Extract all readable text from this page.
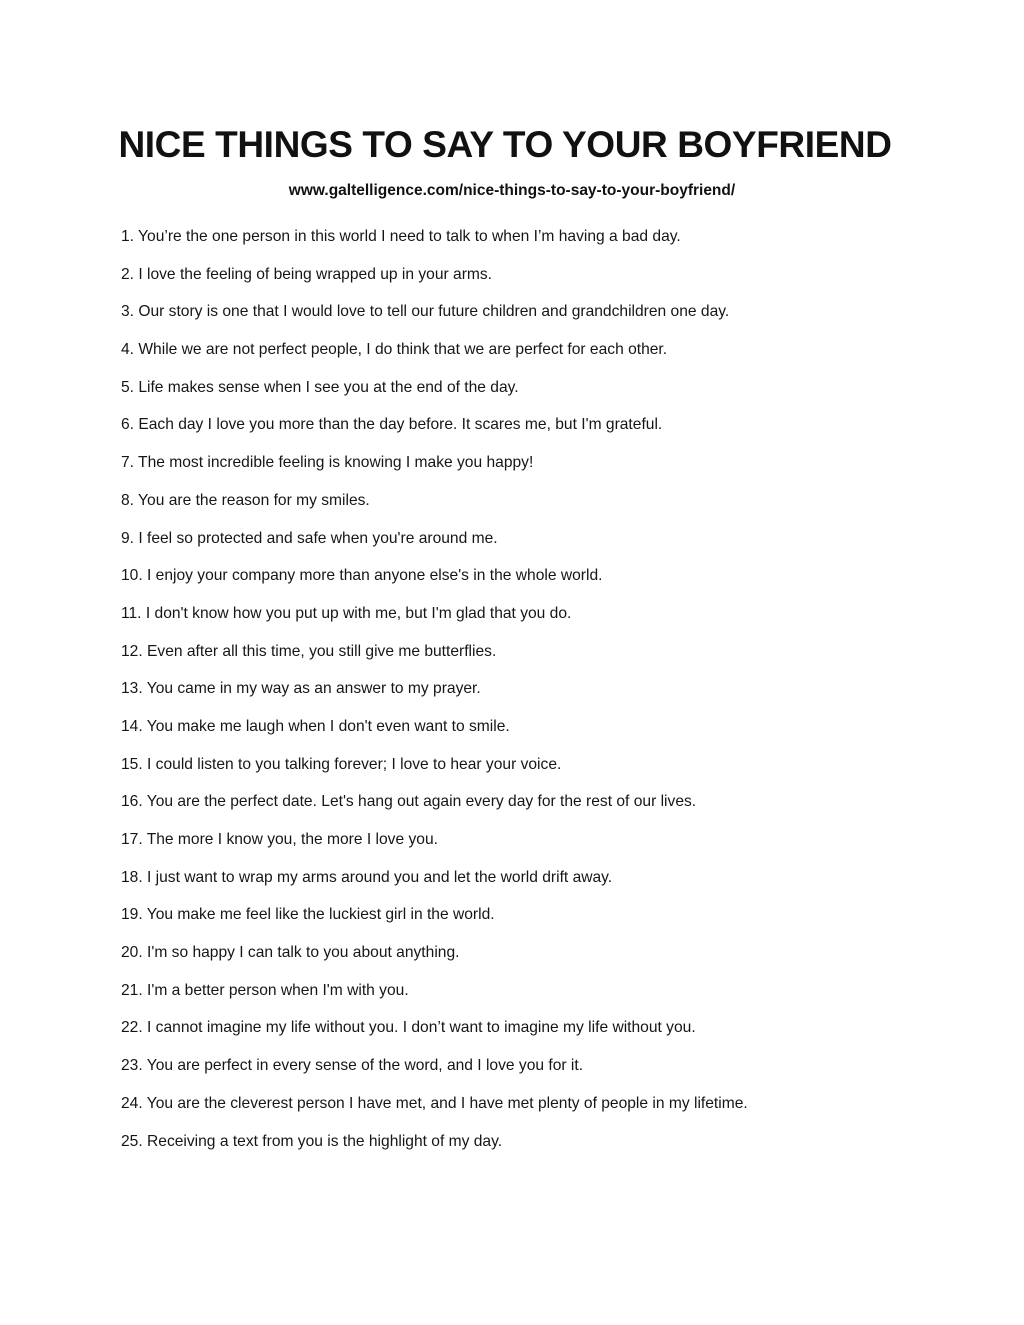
NICE THINGS TO SAY TO YOUR BOYFRIEND
www.galtelligence.com/nice-things-to-say-to-your-boyfriend/
1. You’re the one person in this world I need to talk to when I’m having a bad day.
2. I love the feeling of being wrapped up in your arms.
3. Our story is one that I would love to tell our future children and grandchildren one day.
4. While we are not perfect people, I do think that we are perfect for each other.
5. Life makes sense when I see you at the end of the day.
6. Each day I love you more than the day before. It scares me, but I'm grateful.
7. The most incredible feeling is knowing I make you happy!
8. You are the reason for my smiles.
9. I feel so protected and safe when you're around me.
10. I enjoy your company more than anyone else's in the whole world.
11. I don't know how you put up with me, but I'm glad that you do.
12. Even after all this time, you still give me butterflies.
13. You came in my way as an answer to my prayer.
14. You make me laugh when I don't even want to smile.
15. I could listen to you talking forever; I love to hear your voice.
16. You are the perfect date. Let's hang out again every day for the rest of our lives.
17. The more I know you, the more I love you.
18. I just want to wrap my arms around you and let the world drift away.
19. You make me feel like the luckiest girl in the world.
20. I'm so happy I can talk to you about anything.
21. I'm a better person when I'm with you.
22. I cannot imagine my life without you. I don’t want to imagine my life without you.
23. You are perfect in every sense of the word, and I love you for it.
24. You are the cleverest person I have met, and I have met plenty of people in my lifetime.
25. Receiving a text from you is the highlight of my day.
